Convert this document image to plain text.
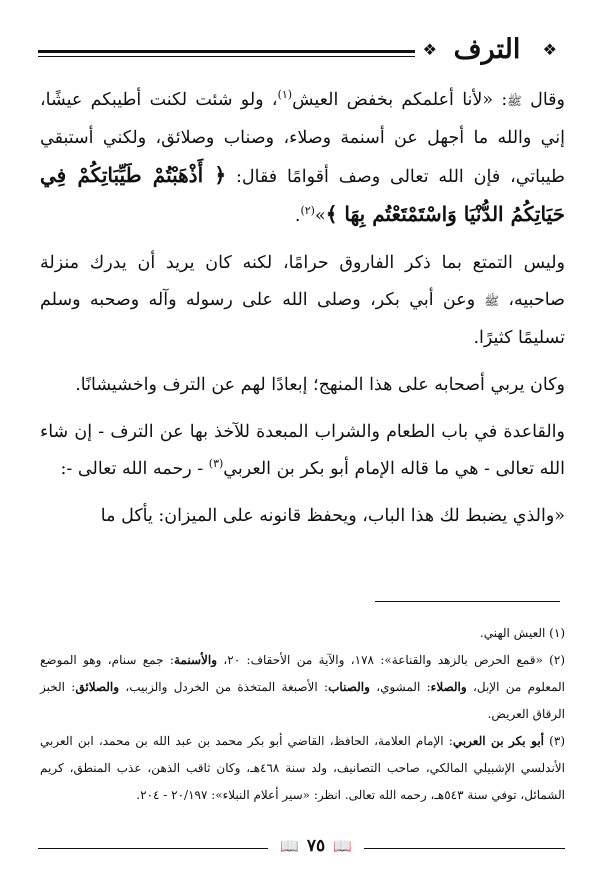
❖ الترف	❖

وقال ﷺ: «لأنا أعلمكم بخفض العيش$^{(١)}$، ولو شئت لكنت أطيبكم عيشًا، إني والله ما أجهل عن أسنمة وصلاء، وصناب وصلائق، ولكني أستبقي طيباتي، فإن الله تعالى وصف أقوامًا فقال: ﴿ أَذْهَبْتُمْ طَيِّبَاتِكُمْ فِي حَيَاتِكُمُ الدُّنْيَا وَاسْتَمْتَعْتُم بِهَا ﴾»$^{(٢)}$.

وليس التمتع بما ذكر الفاروق حرامًا، لكنه كان يريد أن يدرك منزلة صاحبيه، ﷺ وعن أبي بكر، وصلى الله على رسوله وآله وصحبه وسلم تسليمًا كثيرًا.

وكان يربي أصحابه على هذا المنهج؛ إبعادًا لهم عن الترف واخشيشانًا.

والقاعدة في باب الطعام والشراب المبعدة للآخذ بها عن الترف - إن شاء الله تعالى - هي ما قاله الإمام أبو بكر بن العربي$^{(٣)}$ - رحمه الله تعالى -:

«والذي يضبط لك هذا الباب، ويحفظ قانونه على الميزان: يأكل ما

(١) العيش الهني.

(٢) «قمع الحرص بالزهد والقناعة»: ١٧٨، والآية من الأحقاف: ٢٠، والأسنمة: جمع سنام، وهو الموضع المعلوم من الإبل، والصلاء: المشوي، والصناب: الأصبغة المتخذة من الخردل والزبيب، والصلائق: الخبز الرقاق العريض.

(٣) أبو بكر بن العربي: الإمام العلامة، الحافظ، القاضي أبو بكر محمد بن عبد الله بن محمد، ابن العربي الأندلسي الإشبيلي المالكي، صاحب التصانيف، ولد سنة ٤٦٨هـ، وكان ثاقب الذهن، عذب المنطق، كريم الشمائل، توفي سنة ٥٤٣هـ، رحمه الله تعالى. انظر: «سير أعلام النبلاء»: ٢٠/١٩٧ - ٢٠٤.

📖 ٧٥ 📖
